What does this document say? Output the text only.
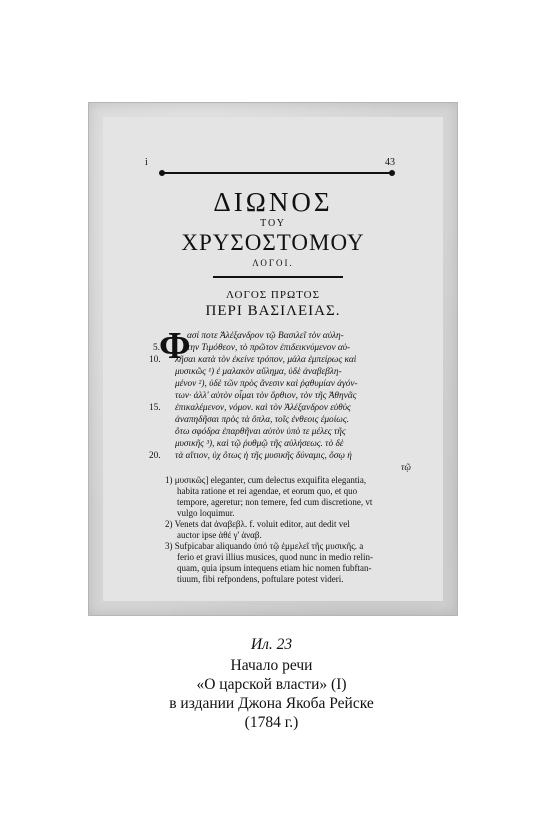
i	43
ΔΙΩΝΟΣ
ΤΟΥ
ΧΡΥΣΟΣΤΟΜΟΥ
ΛΟΓΟΙ.
ΛΟΓΟΣ ΠΡΩΤΟΣ
ΠΕΡΙ ΒΑΣΙΛΕΙΑΣ.
Φ
ασί ποτε Ἀλέξανδρον τῷ Βασιλεῖ τὸν αὐλη-
την Τιμόθεον, τὸ πρῶτον ἐπιδεικνύμενον αὐ-
λῆσαι κατὰ τὸν ἐκείνε τρόπον, μάλα ἐμπείρως καὶ
μυσικῶς ¹) ἐ μαλακὸν αὔλημα, ὐδὲ ἀναβεβλη-
μένον ²), ὐδὲ τῶν πρὸς ἄνεσιν καὶ ῥᾳθυμίαν ἀγόν-
των· ἀλλ' αὐτὸν οἶμαι τὸν ὄρθιον, τὸν τῆς Ἀθηνᾶς
ἐπικαλέμενον, νόμον. καὶ τὸν Ἀλέξανδρον εὐθὺς
ἀναπηδῆσαι πρὸς τὰ ὅπλα, τοῖς ἐνθεοις ἐμοίως.
ὅτω σφόδρα ἐπαρθῆναι αὐτὸν ὑπὸ τε μέλες τῆς
μυσικῆς ³), καὶ τῷ ῥυθμῷ τῆς αὐλήσεως. τὸ δὲ
τὰ αἴτιον, ὐχ ὅτως ἡ τῆς μυσικῆς δύναμις, ὅσῳ ἡ
τῷ
5.
10.
15.
20.
1) μυσικῶς] eleganter, cum delectus exquifita elegantia,
habita ratione et rei agendae, et eorum quo, et quo
tempore, ageretur; non temere, fed cum discretione, vt
vulgo loquimur.
2) Venets dat ἀναβεβλ. f. voluit editor, aut dedit vel
auctor ipse ἀθέ γ' ἀναβ.
3) Sufpicabar aliquando ὑπό τῷ ἐμμελεῖ τῆς μυσικῆς. a
ferio et gravi illius musices, quod nunc in medio relin-
quam, quia ipsum intequens etiam hic nomen fubftan-
tiuum, fibi refpondens, poftulare potest videri.
Ил. 23
Начало речи
«О царской власти» (I)
в издании Джона Якоба Рейске
(1784 г.)
